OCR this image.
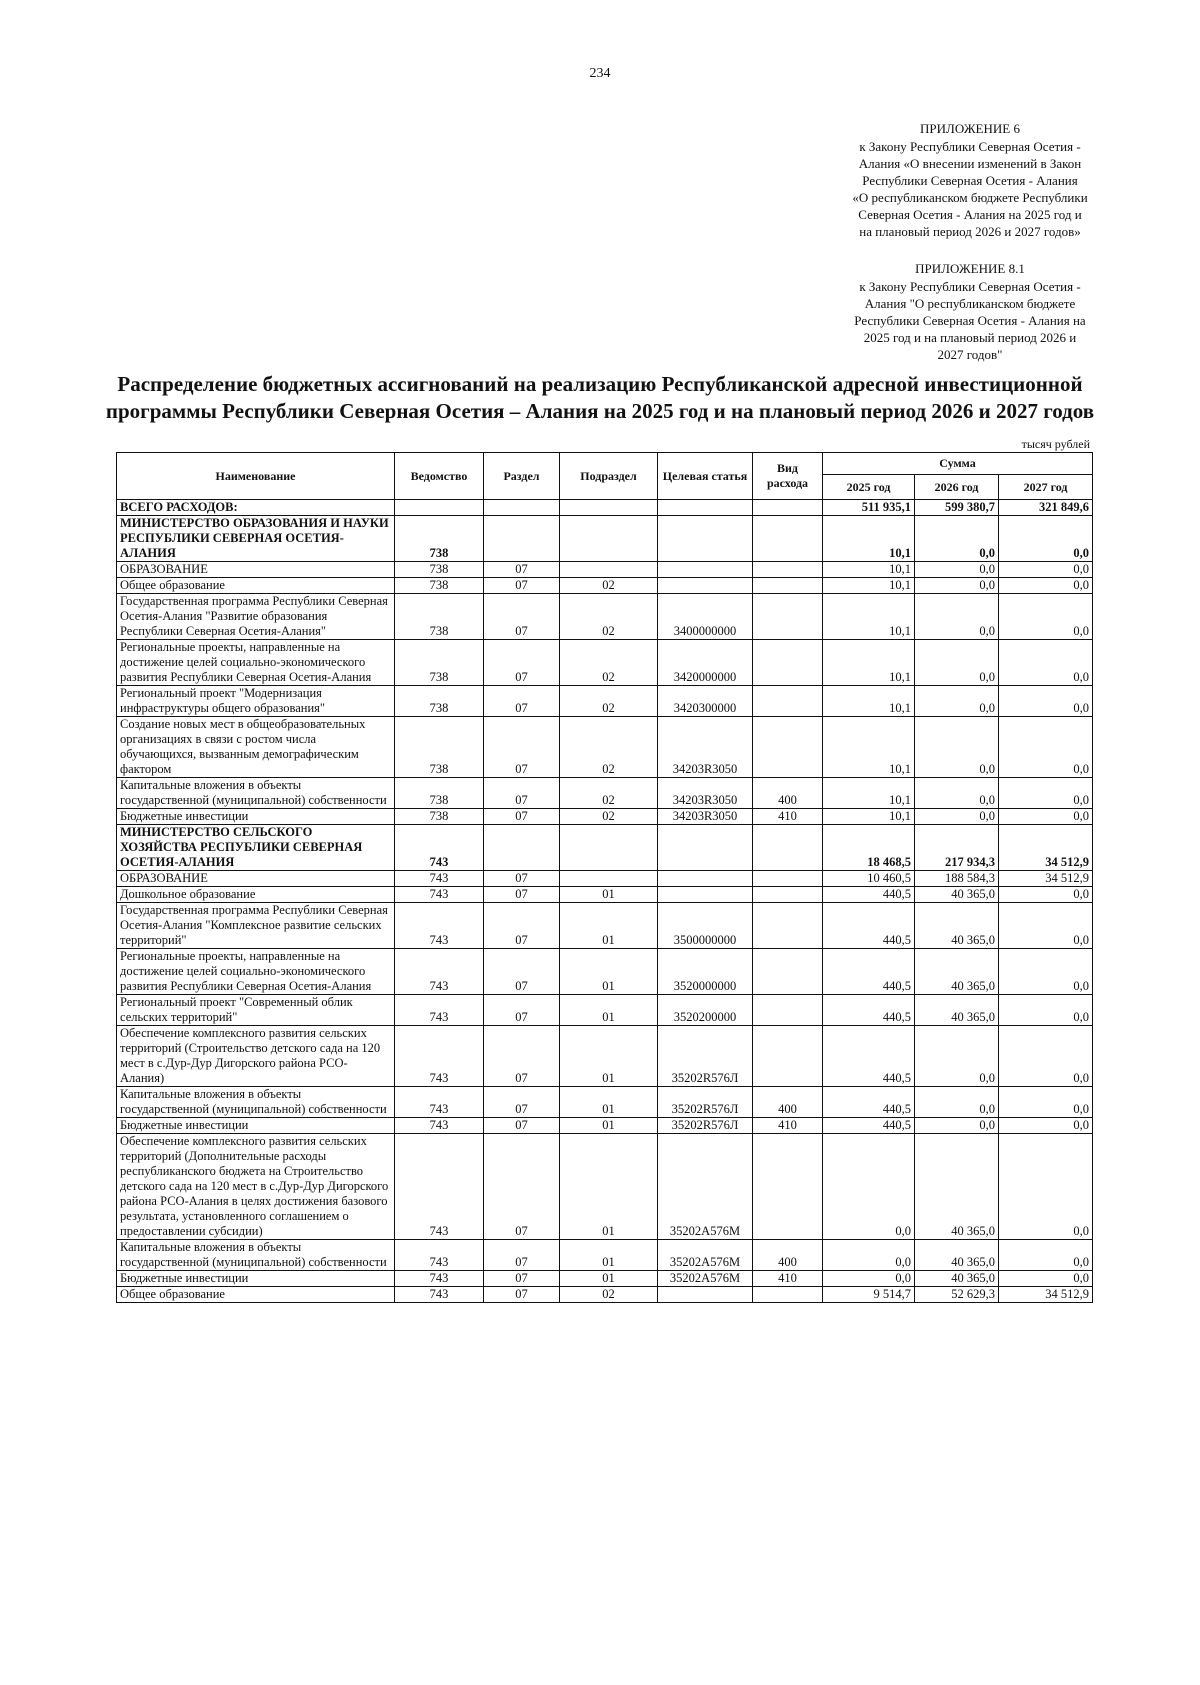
234
ПРИЛОЖЕНИЕ 6
к Закону Республики Северная Осетия -
Алания «О внесении изменений в Закон
Республики Северная Осетия - Алания
«О республиканском бюджете Республики
Северная Осетия - Алания на 2025 год и
на плановый период 2026 и 2027 годов»
ПРИЛОЖЕНИЕ 8.1
к Закону Республики Северная Осетия -
Алания "О республиканском бюджете
Республики Северная Осетия - Алания на
2025 год и на плановый период 2026 и
2027 годов"
Распределение бюджетных ассигнований на реализацию Республиканской адресной инвестиционной
программы Республики Северная Осетия – Алания на 2025 год и на плановый период 2026 и 2027 годов
тысяч рублей
Наименование	Ведомство	Раздел	Подраздел	Целевая статья	Вид расхода	Сумма		
						2025 год	2026 год	2027 год
ВСЕГО РАСХОДОВ:						511 935,1	599 380,7	321 849,6
МИНИСТЕРСТВО ОБРАЗОВАНИЯ И НАУКИ РЕСПУБЛИКИ СЕВЕРНАЯ ОСЕТИЯ-АЛАНИЯ	738					10,1	0,0	0,0
ОБРАЗОВАНИЕ	738	07				10,1	0,0	0,0
Общее образование	738	07	02			10,1	0,0	0,0
Государственная программа Республики Северная Осетия-Алания "Развитие образования Республики Северная Осетия-Алания"	738	07	02	3400000000		10,1	0,0	0,0
Региональные проекты, направленные на достижение целей социально-экономического развития Республики Северная Осетия-Алания	738	07	02	3420000000		10,1	0,0	0,0
Региональный проект "Модернизация инфраструктуры общего образования"	738	07	02	3420300000		10,1	0,0	0,0
Создание новых мест в общеобразовательных организациях в связи с ростом числа обучающихся, вызванным демографическим фактором	738	07	02	34203R3050		10,1	0,0	0,0
Капитальные вложения в объекты государственной (муниципальной) собственности	738	07	02	34203R3050	400	10,1	0,0	0,0
Бюджетные инвестиции	738	07	02	34203R3050	410	10,1	0,0	0,0
МИНИСТЕРСТВО СЕЛЬСКОГО ХОЗЯЙСТВА РЕСПУБЛИКИ СЕВЕРНАЯ ОСЕТИЯ-АЛАНИЯ	743					18 468,5	217 934,3	34 512,9
ОБРАЗОВАНИЕ	743	07				10 460,5	188 584,3	34 512,9
Дошкольное образование	743	07	01			440,5	40 365,0	0,0
Государственная программа Республики Северная Осетия-Алания "Комплексное развитие сельских территорий"	743	07	01	3500000000		440,5	40 365,0	0,0
Региональные проекты, направленные на достижение целей социально-экономического развития Республики Северная Осетия-Алания	743	07	01	3520000000		440,5	40 365,0	0,0
Региональный проект "Современный облик сельских территорий"	743	07	01	3520200000		440,5	40 365,0	0,0
Обеспечение комплексного развития сельских территорий (Строительство детского сада на 120 мест в с.Дур-Дур Дигорского района РСО-Алания)	743	07	01	35202R576Л		440,5	0,0	0,0
Капитальные вложения в объекты государственной (муниципальной) собственности	743	07	01	35202R576Л	400	440,5	0,0	0,0
Бюджетные инвестиции	743	07	01	35202R576Л	410	440,5	0,0	0,0
Обеспечение комплексного развития сельских территорий (Дополнительные расходы республиканского бюджета на Строительство детского сада на 120 мест в с.Дур-Дур Дигорского района РСО-Алания в целях достижения базового результата, установленного соглашением о предоставлении субсидии)	743	07	01	35202A576M		0,0	40 365,0	0,0
Капитальные вложения в объекты государственной (муниципальной) собственности	743	07	01	35202A576M	400	0,0	40 365,0	0,0
Бюджетные инвестиции	743	07	01	35202A576M	410	0,0	40 365,0	0,0
Общее образование	743	07	02			9 514,7	52 629,3	34 512,9
